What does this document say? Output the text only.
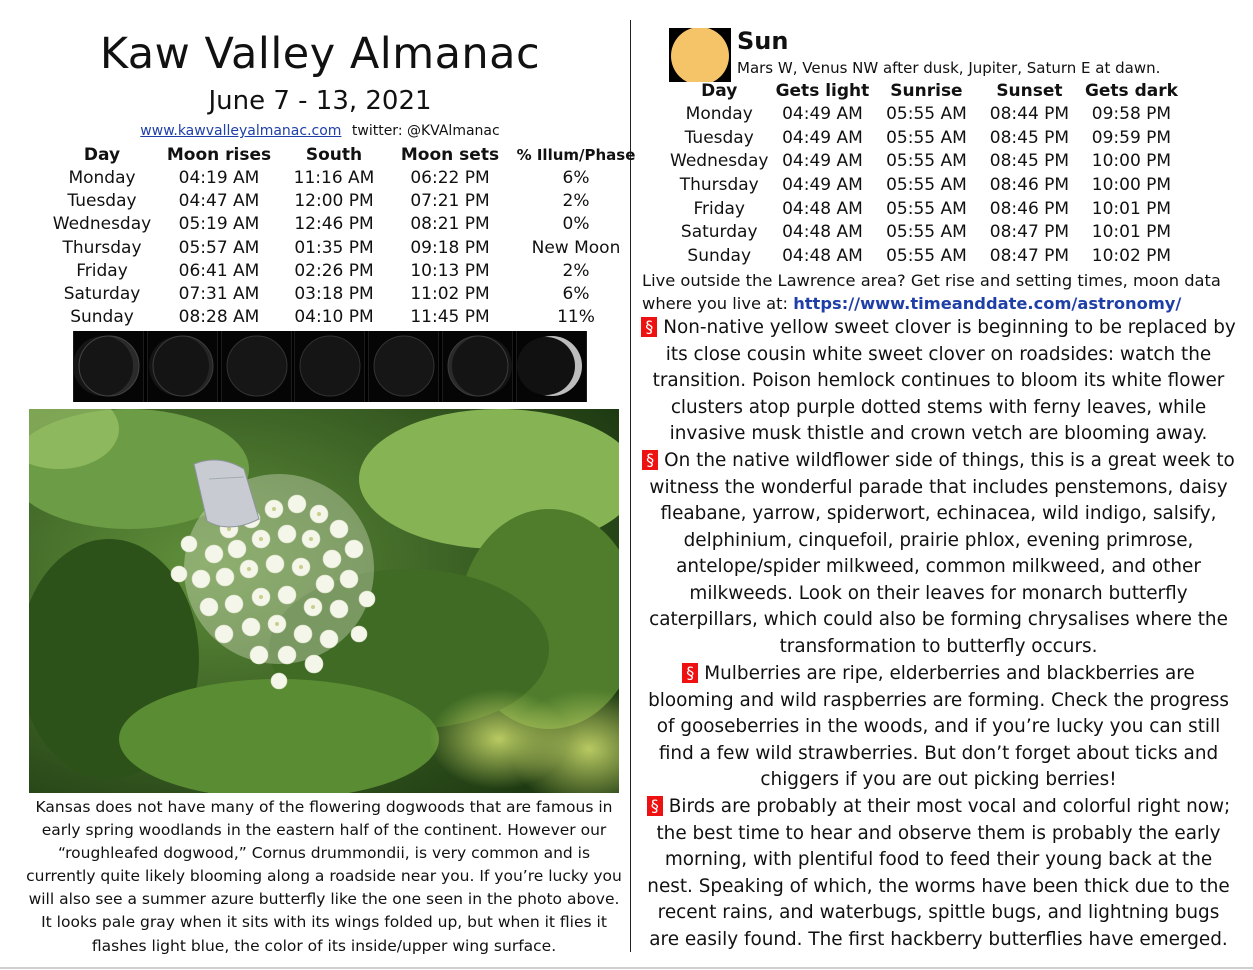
Kaw Valley Almanac
June 7 - 13, 2021
www.kawvalleyalmanac.com twitter: @KVAlmanac
Day	Moon rises	South	Moon sets	% Illum/Phase
Monday	04:19 AM	11:16 AM	06:22 PM	6%
Tuesday	04:47 AM	12:00 PM	07:21 PM	2%
Wednesday	05:19 AM	12:46 PM	08:21 PM	0%
Thursday	05:57 AM	01:35 PM	09:18 PM	New Moon
Friday	06:41 AM	02:26 PM	10:13 PM	2%
Saturday	07:31 AM	03:18 PM	11:02 PM	6%
Sunday	08:28 AM	04:10 PM	11:45 PM	11%
Kansas does not have many of the flowering dogwoods that are famous in early spring woodlands in the eastern half of the continent. However our “roughleafed dogwood,” Cornus drummondii, is very common and is currently quite likely blooming along a roadside near you. If you’re lucky you will also see a summer azure butterfly like the one seen in the photo above. It looks pale gray when it sits with its wings folded up, but when it flies it flashes light blue, the color of its inside/upper wing surface.
Sun
Mars W, Venus NW after dusk, Jupiter, Saturn E at dawn.
Day	Gets light	Sunrise	Sunset	Gets dark
Monday	04:49 AM	05:55 AM	08:44 PM	09:58 PM
Tuesday	04:49 AM	05:55 AM	08:45 PM	09:59 PM
Wednesday	04:49 AM	05:55 AM	08:45 PM	10:00 PM
Thursday	04:49 AM	05:55 AM	08:46 PM	10:00 PM
Friday	04:48 AM	05:55 AM	08:46 PM	10:01 PM
Saturday	04:48 AM	05:55 AM	08:47 PM	10:01 PM
Sunday	04:48 AM	05:55 AM	08:47 PM	10:02 PM
Live outside the Lawrence area? Get rise and setting times, moon data where you live at: https://www.timeanddate.com/astronomy/
§ Non-native yellow sweet clover is beginning to be replaced by its close cousin white sweet clover on roadsides: watch the transition. Poison hemlock continues to bloom its white flower clusters atop purple dotted stems with ferny leaves, while invasive musk thistle and crown vetch are blooming away.
§ On the native wildflower side of things, this is a great week to witness the wonderful parade that includes penstemons, daisy fleabane, yarrow, spiderwort, echinacea, wild indigo, salsify, delphinium, cinquefoil, prairie phlox, evening primrose, antelope/spider milkweed, common milkweed, and other milkweeds. Look on their leaves for monarch butterfly caterpillars, which could also be forming chrysalises where the transformation to butterfly occurs.
§ Mulberries are ripe, elderberries and blackberries are blooming and wild raspberries are forming. Check the progress of gooseberries in the woods, and if you’re lucky you can still find a few wild strawberries. But don’t forget about ticks and chiggers if you are out picking berries!
§ Birds are probably at their most vocal and colorful right now; the best time to hear and observe them is probably the early morning, with plentiful food to feed their young back at the nest. Speaking of which, the worms have been thick due to the recent rains, and waterbugs, spittle bugs, and lightning bugs are easily found. The first hackberry butterflies have emerged.
